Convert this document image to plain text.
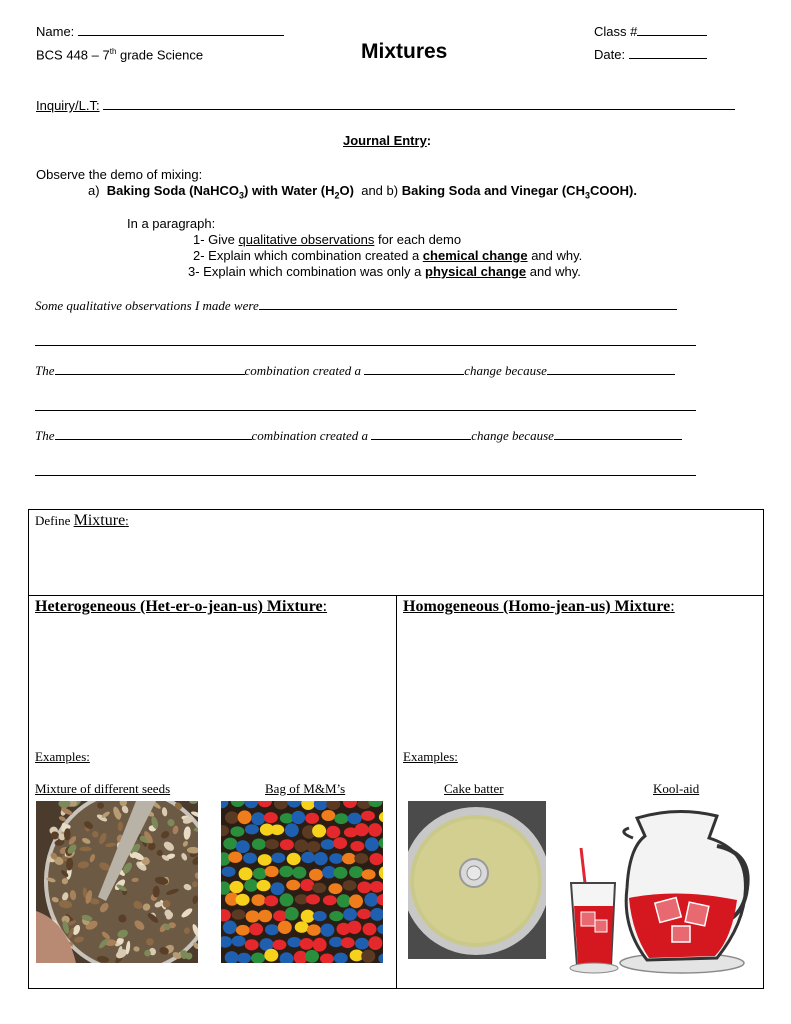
Name:
BCS 448 – 7th grade Science	Mixtures
Class #
Date:
Inquiry/L.T:
Journal Entry:
Observe the demo of mixing:
a) Baking Soda (NaHCO$_3$) with Water $(H_2O)$ and b) Baking Soda and Vinegar $(CH_3COOH)$.
In a paragraph:
1- Give qualitative observations for each demo
2- Explain which combination created a chemical change and why.
3- Explain which combination was only a physical change and why.
Some qualitative observations I made were
The	combination created a	change because
The	combination created a	change because
Define Mixture:
Heterogeneous (Het-er-o-jean-us) Mixture:	Homogeneous (Homo-jean-us) Mixture:
Examples:	Examples:
Mixture of different seeds	Bag of M&M’s	Cake batter	Kool-aid
